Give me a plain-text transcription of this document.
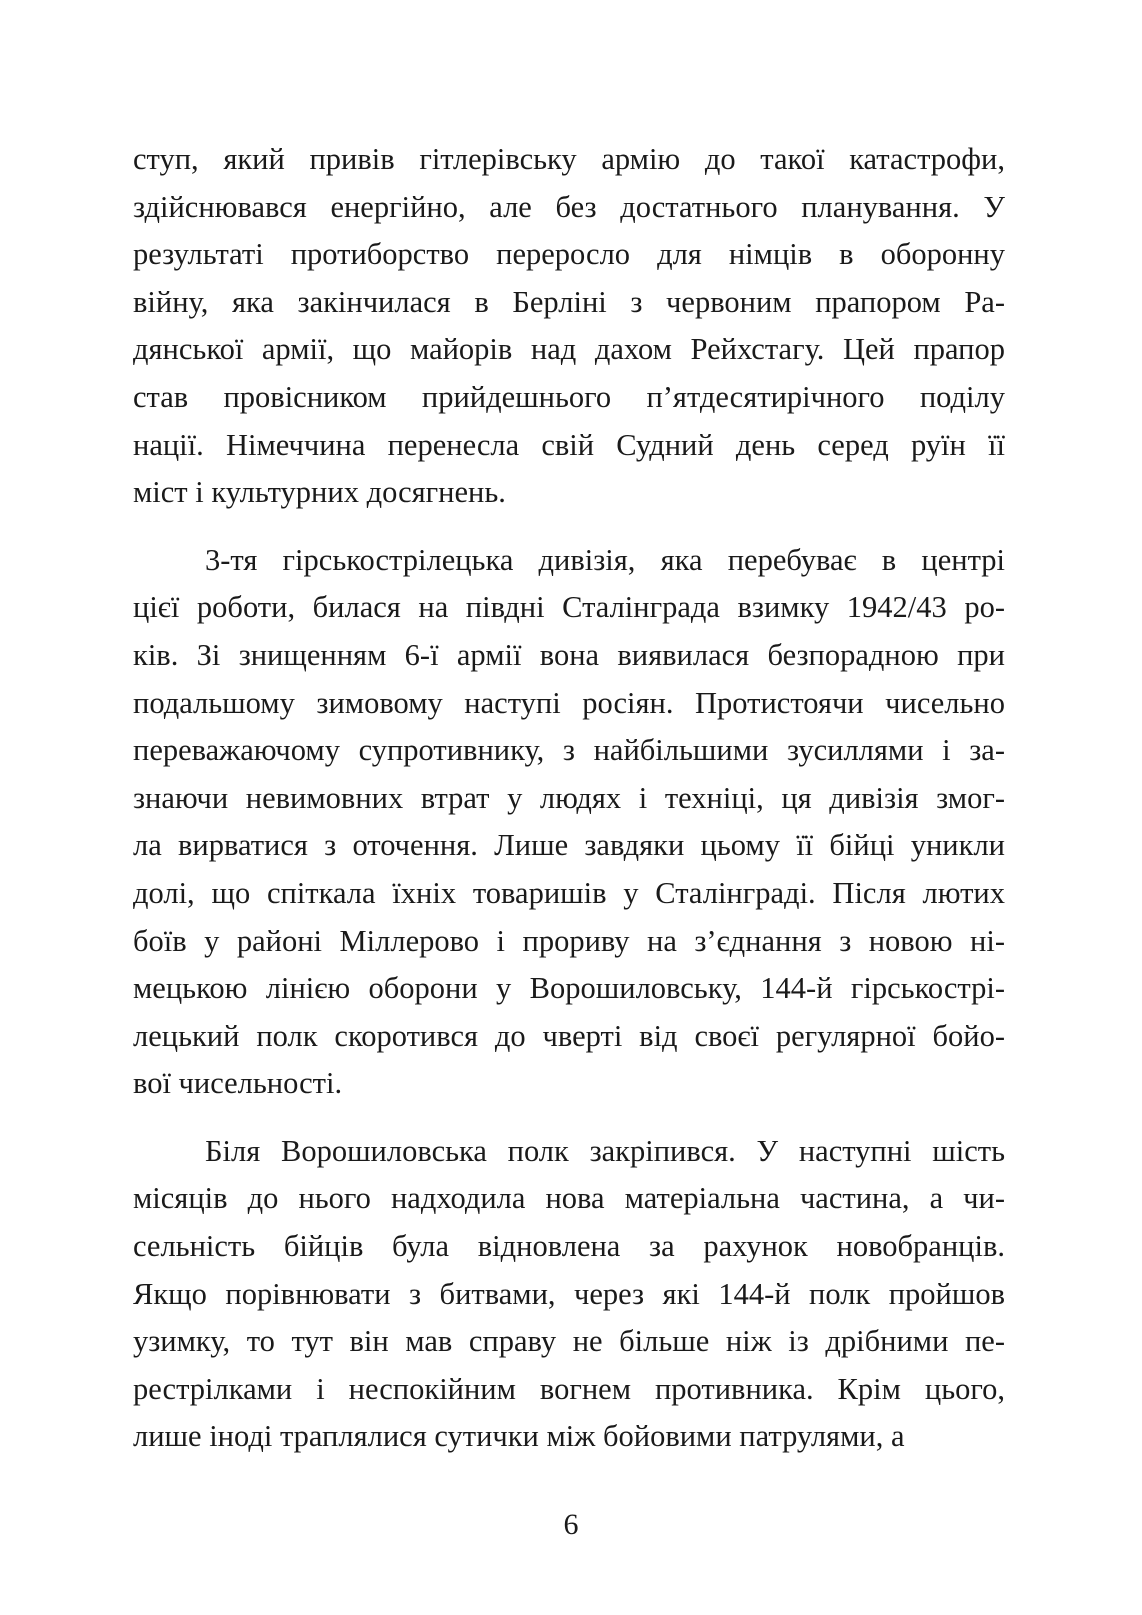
ступ, який привів гітлерівську армію до такої катастрофи,
здійснювався енергійно, але без достатнього планування. У
результаті протиборство переросло для німців в оборонну
війну, яка закінчилася в Берліні з червоним прапором Ра-
дянської армії, що майорів над дахом Рейхстагу. Цей прапор
став провісником прийдешнього п’ятдесятирічного поділу
нації. Німеччина перенесла свій Судний день серед руїн її
міст і культурних досягнень.

3-тя гірськострілецька дивізія, яка перебуває в центрі
цієї роботи, билася на півдні Сталінграда взимку 1942/43 ро-
ків. Зі знищенням 6-ї армії вона виявилася безпорадною при
подальшому зимовому наступі росіян. Протистоячи чисельно
переважаючому супротивнику, з найбільшими зусиллями і за-
знаючи невимовних втрат у людях і техніці, ця дивізія змог-
ла вирватися з оточення. Лише завдяки цьому її бійці уникли
долі, що спіткала їхніх товаришів у Сталінграді. Після лютих
боїв у районі Міллерово і прориву на з’єднання з новою ні-
мецькою лінією оборони у Ворошиловську, 144-й гірськострі-
лецький полк скоротився до чверті від своєї регулярної бойо-
вої чисельності.

Біля Ворошиловська полк закріпився. У наступні шість
місяців до нього надходила нова матеріальна частина, а чи-
сельність бійців була відновлена за рахунок новобранців.
Якщо порівнювати з битвами, через які 144-й полк пройшов
узимку, то тут він мав справу не більше ніж із дрібними пе-
рестрілками і неспокійним вогнем противника. Крім цього,
лише іноді траплялися сутички між бойовими патрулями, а

6
